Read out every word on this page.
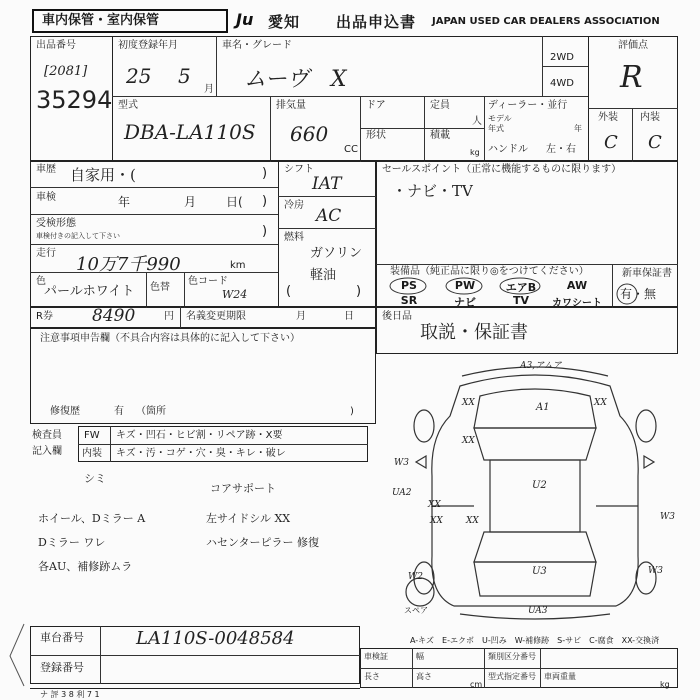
車内保管・室内保管	Ju 愛知 出品申込書 JAPAN USED CAR DEALERS ASSOCIATION
出品番号
[2081]
35294
初度登録年月
25 5
月
車名・グレード
ムーヴ　X
2WD
4WD
評価点
R
外装 内装
C C
型式
DBA-LA110S
排気量
660
CC
ドア
形状
定員
人
積載
kg
ディーラー・並行
モデル
年式	年
ハンドル 左・右
車歴 自家用・(	)
車検	年	月 日( )
受検形態
車検付きの記入して下さい	)
走行
10万7千990	km
色
パールホワイト 色替
色コード
W24
シフト
IAT
冷房
AC
燃料
ガソリン
軽油
(	)
セールスポイント（正常に機能するものに限ります）
・ナビ・TV
装備品（純正品に限り◎をつけてください）	新車保証書
有・無
PS	PW	エアB	AW
SR	ナビ	TV	カワシート
R券 8490	円 名義変更期限	月	日	後日品
取説・保証書
注意事項申告欄（不具合内容は具体的に記入して下さい）
修復歴	有 （箇所	)
検査員
記入欄
FW キズ・凹石・ヒビ割・リペア跡・X要
内装 キズ・汚・コゲ・穴・臭・キレ・破レ
シミ
コアサポート
ホイール、Dミラー A	左サイドシル XX
Dミラー ワレ	ハセンターピラー 修復
各AU、補修跡ムラ
A3,アムア
A1
U2
U3
UA3
W3
W3
UA2
W2
W3
XX	XX
XX
XX
XX
XX
スペア
A-キズ　E-エクボ　U-凹み　W-補修跡　S-サビ　C-腐食　XX-交換済
車台番号	LA110S-0048584
登録番号
車検証
長さ
幅
高さ
類別区分番号
型式指定番号 車両重量
cm	kg
ナ 評 3 8 利 7 1
